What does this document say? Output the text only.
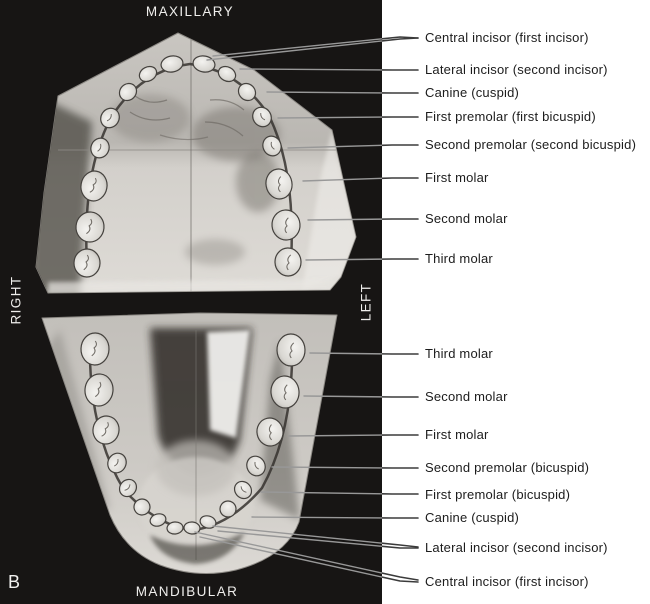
MAXILLARY
MANDIBULAR
RIGHT	LEFT
B
Central incisor (first incisor)
Lateral incisor (second incisor)
Canine (cuspid)
First premolar (first bicuspid)
Second premolar (second bicuspid)
First molar
Second molar
Third molar
Third molar
Second molar
First molar
Second premolar (bicuspid)
First premolar (bicuspid)
Canine (cuspid)
Lateral incisor (second incisor)
Central incisor (first incisor)
